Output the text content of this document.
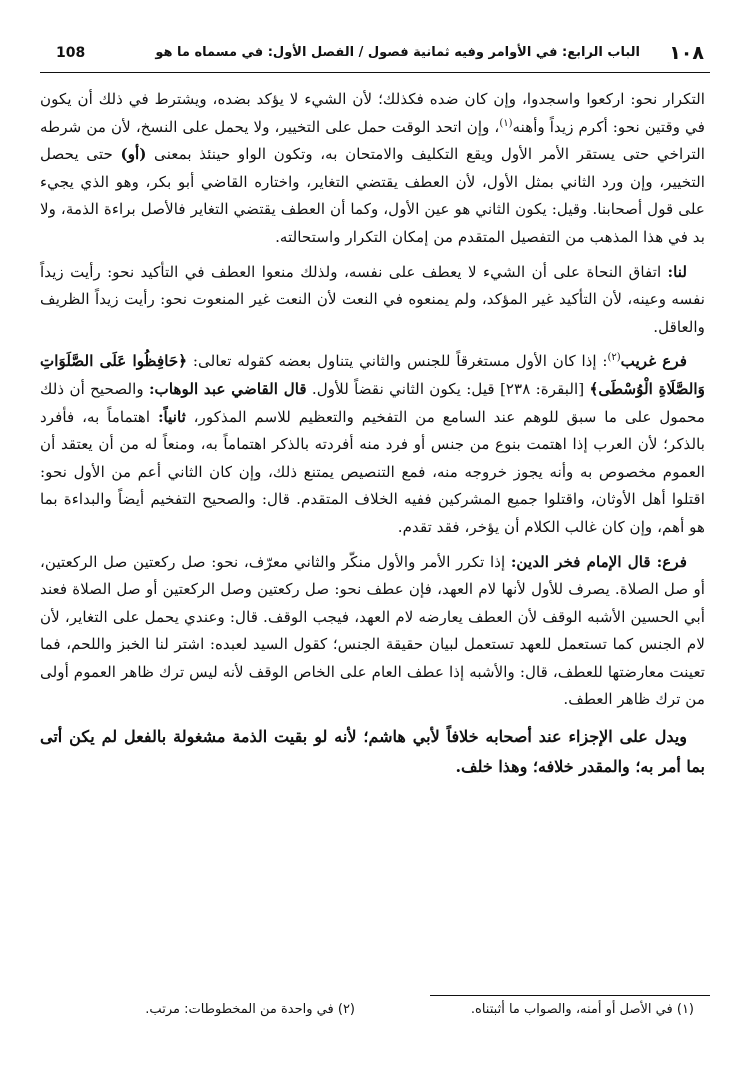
١٠٨
الباب الرابع: في الأوامر وفيه ثمانية فصول / الفصل الأول: في مسماه ما هو
108

التكرار نحو: اركعوا واسجدوا، وإن كان ضده فكذلك؛ لأن الشيء لا يؤكد بضده، ويشترط في ذلك أن يكون في وقتين نحو: أكرم زيداً وأهنه$^{(١)}$، وإن اتحد الوقت حمل على التخيير، ولا يحمل على النسخ، لأن من شرطه التراخي حتى يستقر الأمر الأول ويقع التكليف والامتحان به، وتكون الواو حينئذ بمعنى (أو) حتى يحصل التخيير، وإن ورد الثاني بمثل الأول، لأن العطف يقتضي التغاير، واختاره القاضي أبو بكر، وهو الذي يجيء على قول أصحابنا. وقيل: يكون الثاني هو عين الأول، وكما أن العطف يقتضي التغاير فالأصل براءة الذمة، ولا بد في هذا المذهب من التفصيل المتقدم من إمكان التكرار واستحالته.

لنا: اتفاق النحاة على أن الشيء لا يعطف على نفسه، ولذلك منعوا العطف في التأكيد نحو: رأيت زيداً نفسه وعينه، لأن التأكيد غير المؤكد، ولم يمنعوه في النعت لأن النعت غير المنعوت نحو: رأيت زيداً الظريف والعاقل.

فرع غريب$^{(٢)}$: إذا كان الأول مستغرقاً للجنس والثاني يتناول بعضه كقوله تعالى: ﴿حَافِظُوا عَلَى الصَّلَوَاتِ وَالصَّلَاةِ الْوُسْطَى﴾ [البقرة: ٢٣٨] قيل: يكون الثاني نقضاً للأول. قال القاضي عبد الوهاب: والصحيح أن ذلك محمول على ما سبق للوهم عند السامع من التفخيم والتعظيم للاسم المذكور، ثانياً: اهتماماً به، فأفرد بالذكر؛ لأن العرب إذا اهتمت بنوع من جنس أو فرد منه أفردته بالذكر اهتماماً به، ومنعاً له من أن يعتقد أن العموم مخصوص به وأنه يجوز خروجه منه، فمع التنصيص يمتنع ذلك، وإن كان الثاني أعم من الأول نحو: اقتلوا أهل الأوثان، واقتلوا جميع المشركين ففيه الخلاف المتقدم. قال: والصحيح التفخيم أيضاً والبداءة بما هو أهم، وإن كان غالب الكلام أن يؤخر، فقد تقدم.

فرع: قال الإمام فخر الدين: إذا تكرر الأمر والأول منكّر والثاني معرّف، نحو: صل ركعتين صل الركعتين، أو صل الصلاة. يصرف للأول لأنها لام العهد، فإن عطف نحو: صل ركعتين وصل الركعتين أو صل الصلاة فعند أبي الحسين الأشبه الوقف لأن العطف يعارضه لام العهد، فيجب الوقف. قال: وعندي يحمل على التغاير، لأن لام الجنس كما تستعمل للعهد تستعمل لبيان حقيقة الجنس؛ كقول السيد لعبده: اشتر لنا الخبز واللحم، فما تعينت معارضتها للعطف، قال: والأشبه إذا عطف العام على الخاص الوقف لأنه ليس ترك ظاهر العموم أولى من ترك ظاهر العطف.

ويدل على الإجزاء عند أصحابه خلافاً لأبي هاشم؛ لأنه لو بقيت الذمة مشغولة بالفعل لم يكن أتى بما أمر به؛ والمقدر خلافه؛ وهذا خلف.

(١) في الأصل أو أمنه، والصواب ما أثبتناه.
(٢) في واحدة من المخطوطات: مرتب.
